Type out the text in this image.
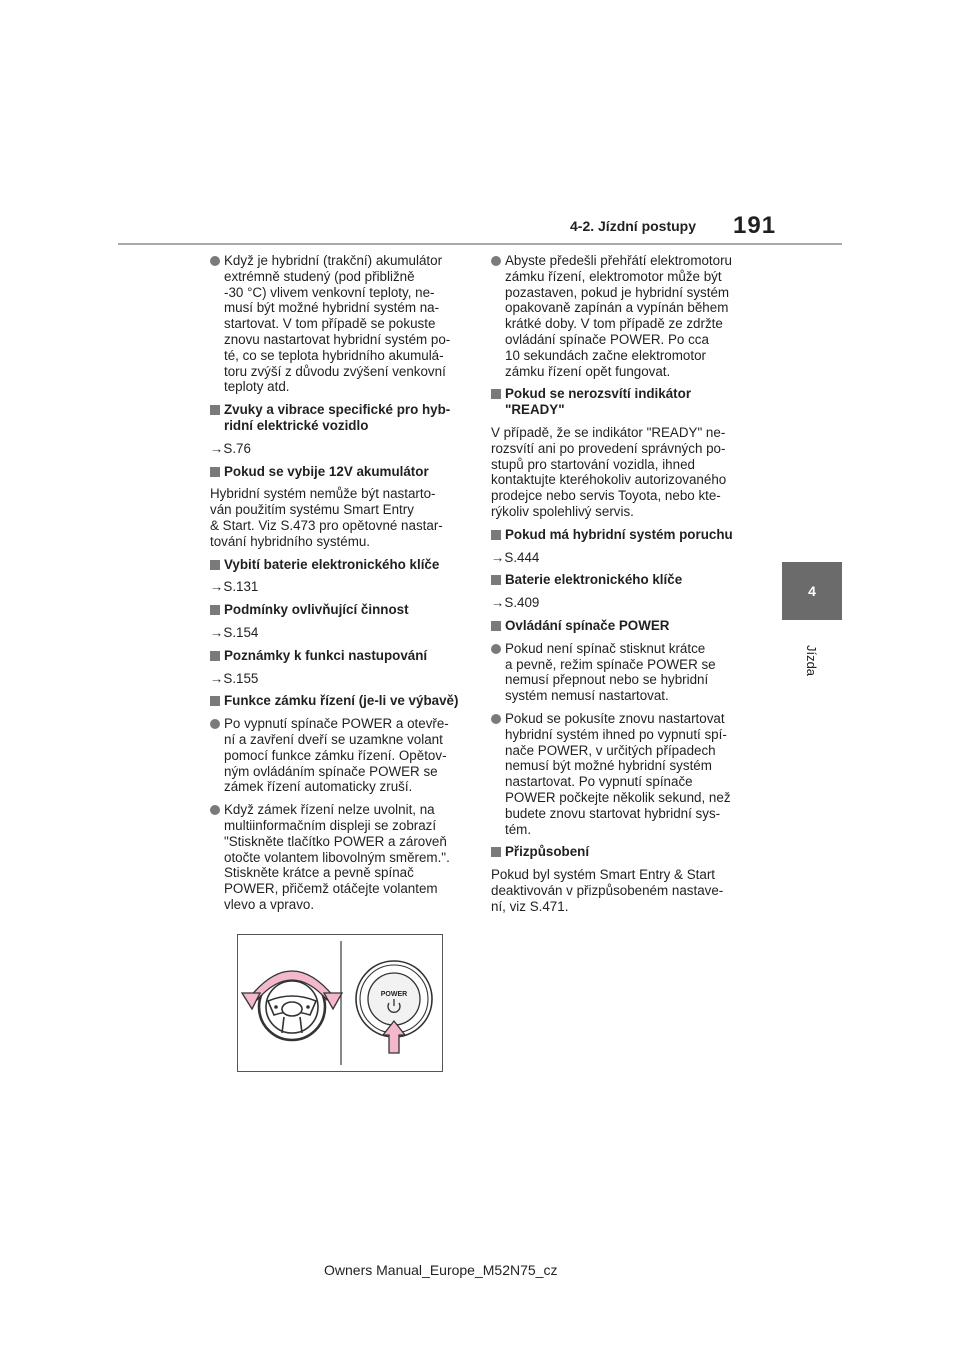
4-2. Jízdní postupy 191
4
Jízda
Když je hybridní (trakční) akumulátor
extrémně studený (pod přibližně
-30 °C) vlivem venkovní teploty, ne-
musí být možné hybridní systém na-
startovat. V tom případě se pokuste
znovu nastartovat hybridní systém po-
té, co se teplota hybridního akumulá-
toru zvýší z důvodu zvýšení venkovní
teploty atd.
Zvuky a vibrace specifické pro hyb-
ridní elektrické vozidlo
→S.76
Pokud se vybije 12V akumulátor
Hybridní systém nemůže být nastarto-
ván použitím systému Smart Entry
& Start. Viz S.473 pro opětovné nastar-
tování hybridního systému.
Vybití baterie elektronického klíče
→S.131
Podmínky ovlivňující činnost
→S.154
Poznámky k funkci nastupování
→S.155
Funkce zámku řízení (je-li ve výbavě)
Po vypnutí spínače POWER a otevře-
ní a zavření dveří se uzamkne volant
pomocí funkce zámku řízení. Opětov-
ným ovládáním spínače POWER se
zámek řízení automaticky zruší.
Když zámek řízení nelze uvolnit, na
multiinformačním displeji se zobrazí
"Stiskněte tlačítko POWER a zároveň
otočte volantem libovolným směrem.".
Stiskněte krátce a pevně spínač
POWER, přičemž otáčejte volantem
vlevo a vpravo.
Abyste předešli přehřátí elektromotoru
zámku řízení, elektromotor může být
pozastaven, pokud je hybridní systém
opakovaně zapínán a vypínán během
krátké doby. V tom případě ze zdržte
ovládání spínače POWER. Po cca
10 sekundách začne elektromotor
zámku řízení opět fungovat.
Pokud se nerozsvítí indikátor
"READY"
V případě, že se indikátor "READY" ne-
rozsvítí ani po provedení správných po-
stupů pro startování vozidla, ihned
kontaktujte kteréhokoliv autorizovaného
prodejce nebo servis Toyota, nebo kte-
rýkoliv spolehlivý servis.
Pokud má hybridní systém poruchu
→S.444
Baterie elektronického klíče
→S.409
Ovládání spínače POWER
Pokud není spínač stisknut krátce
a pevně, režim spínače POWER se
nemusí přepnout nebo se hybridní
systém nemusí nastartovat.
Pokud se pokusíte znovu nastartovat
hybridní systém ihned po vypnutí spí-
nače POWER, v určitých případech
nemusí být možné hybridní systém
nastartovat. Po vypnutí spínače
POWER počkejte několik sekund, než
budete znovu startovat hybridní sys-
tém.
Přizpůsobení
Pokud byl systém Smart Entry & Start
deaktivován v přizpůsobeném nastave-
ní, viz S.471.
POWER
Owners Manual_Europe_M52N75_cz
